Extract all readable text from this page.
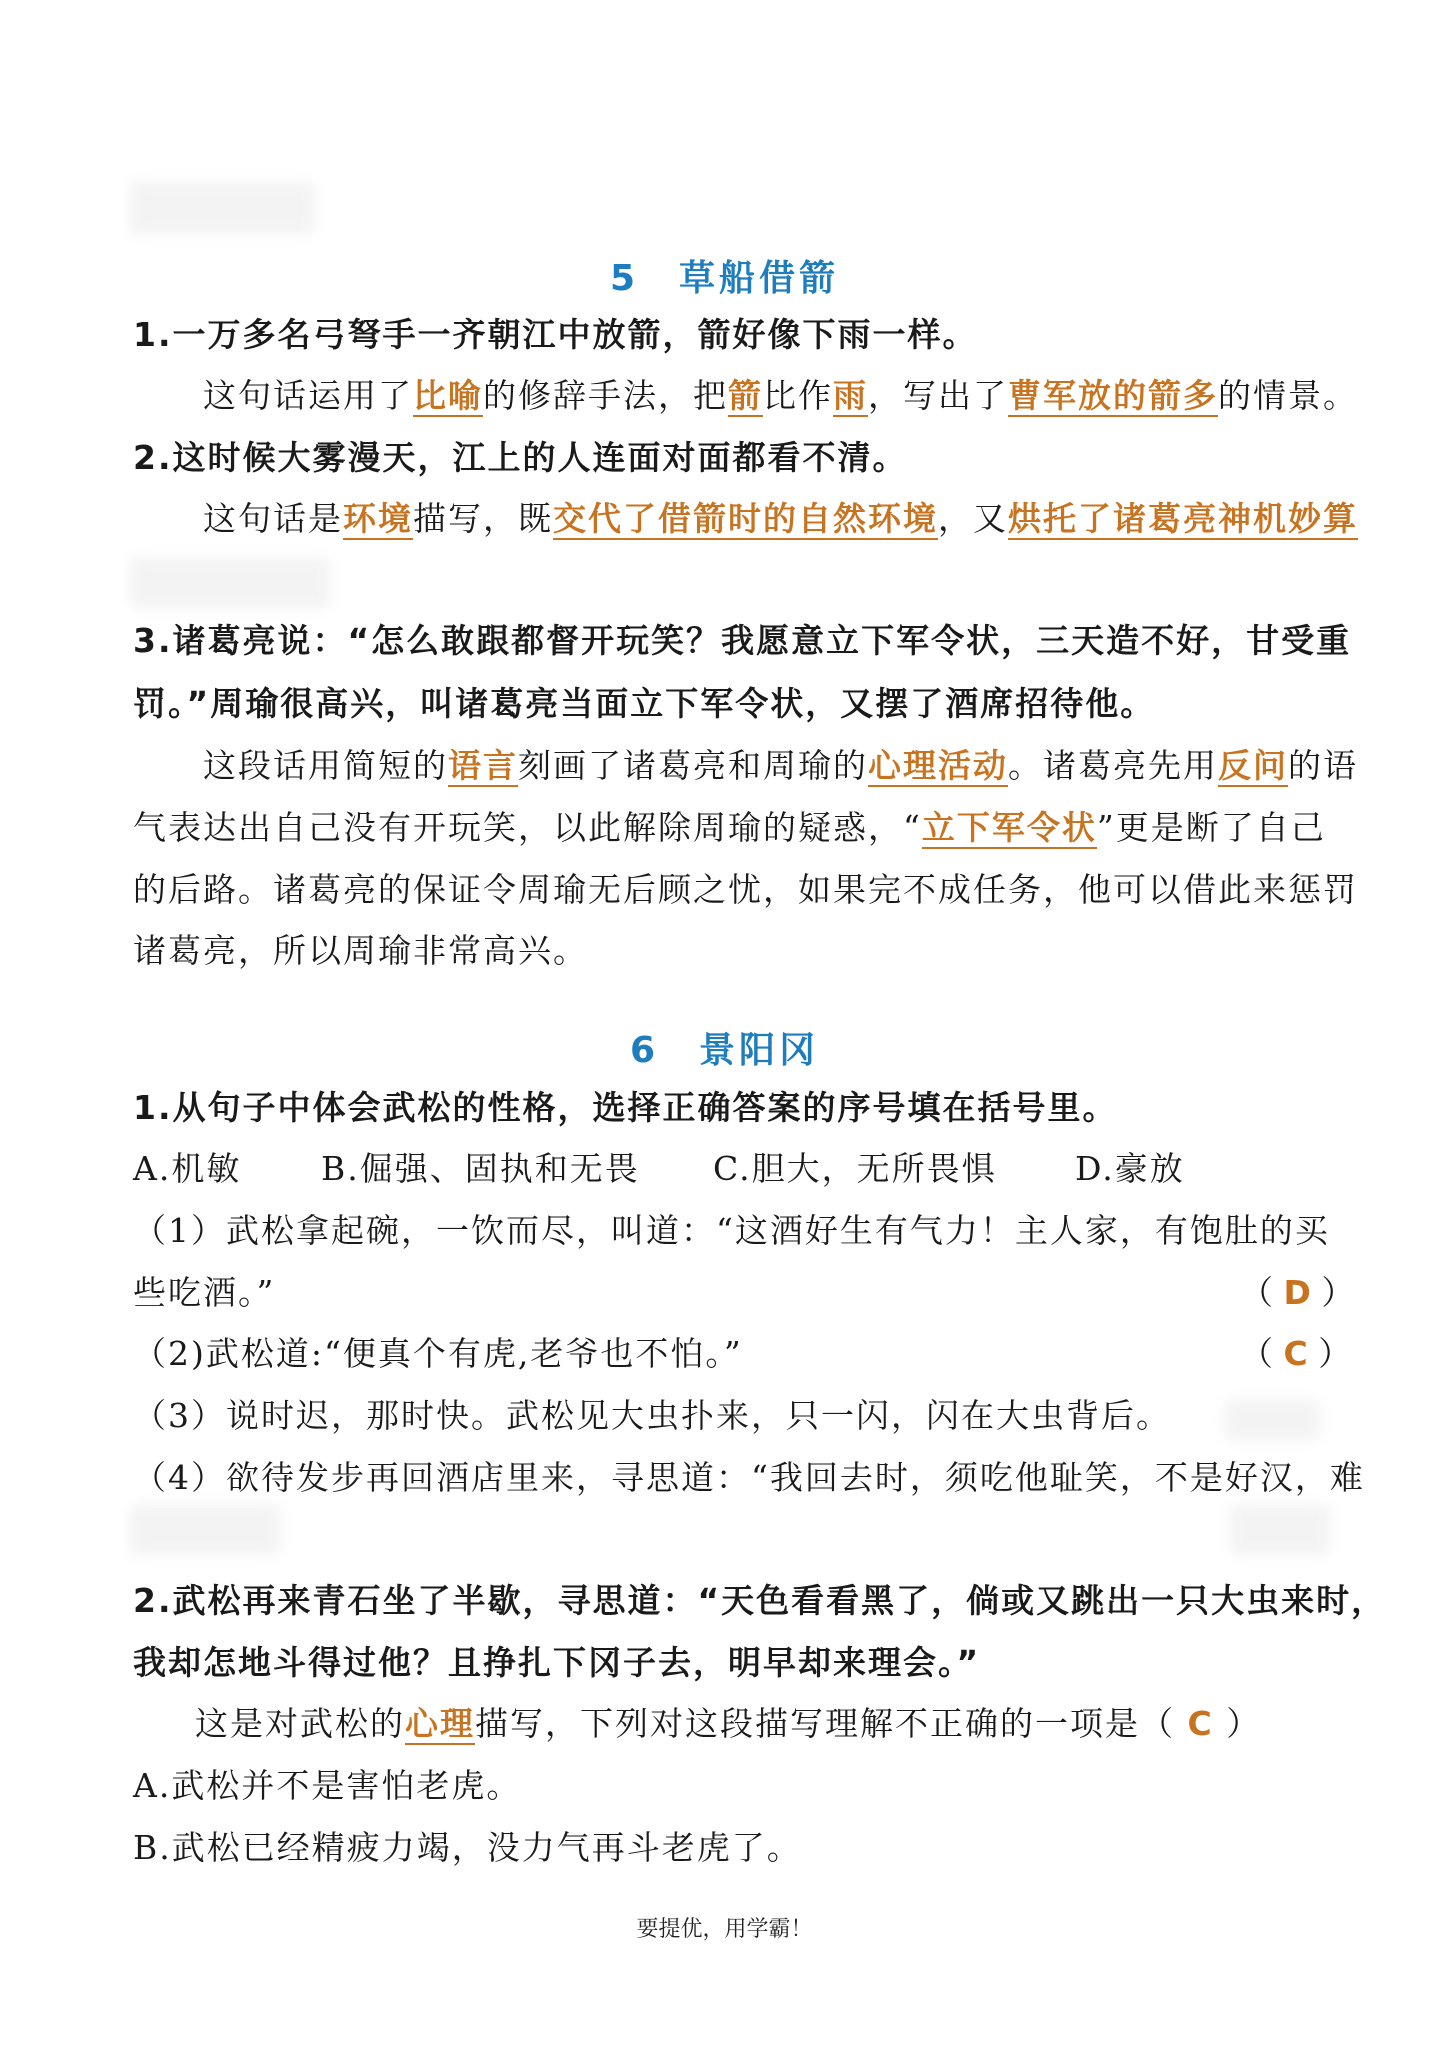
5　草船借箭
1.一万多名弓弩手一齐朝江中放箭，箭好像下雨一样。
这句话运用了比喻的修辞手法，把箭比作雨，写出了曹军放的箭多的情景。
2.这时候大雾漫天，江上的人连面对面都看不清。
这句话是环境描写，既交代了借箭时的自然环境，又烘托了诸葛亮神机妙算
3.诸葛亮说：“怎么敢跟都督开玩笑？我愿意立下军令状，三天造不好，甘受重
罚。”周瑜很高兴，叫诸葛亮当面立下军令状，又摆了酒席招待他。
这段话用简短的语言刻画了诸葛亮和周瑜的心理活动。诸葛亮先用反问的语
气表达出自己没有开玩笑，以此解除周瑜的疑惑，“立下军令状”更是断了自己
的后路。诸葛亮的保证令周瑜无后顾之忧，如果完不成任务，他可以借此来惩罚
诸葛亮，所以周瑜非常高兴。
6　景阳冈
1.从句子中体会武松的性格，选择正确答案的序号填在括号里。
A.机敏 B.倔强、固执和无畏 C.胆大，无所畏惧 D.豪放
（1）武松拿起碗，一饮而尽，叫道：“这酒好生有气力！主人家，有饱肚的买
些吃酒。”	（ D ）
（2)武松道:“便真个有虎,老爷也不怕。”	（ C ）
（3）说时迟，那时快。武松见大虫扑来，只一闪，闪在大虫背后。
（4）欲待发步再回酒店里来，寻思道：“我回去时，须吃他耻笑，不是好汉，难
2.武松再来青石坐了半歇，寻思道：“天色看看黑了，倘或又跳出一只大虫来时，
我却怎地斗得过他？且挣扎下冈子去，明早却来理会。”
这是对武松的心理描写，下列对这段描写理解不正确的一项是（ C ）
A.武松并不是害怕老虎。
B.武松已经精疲力竭，没力气再斗老虎了。
要提优，用学霸！
